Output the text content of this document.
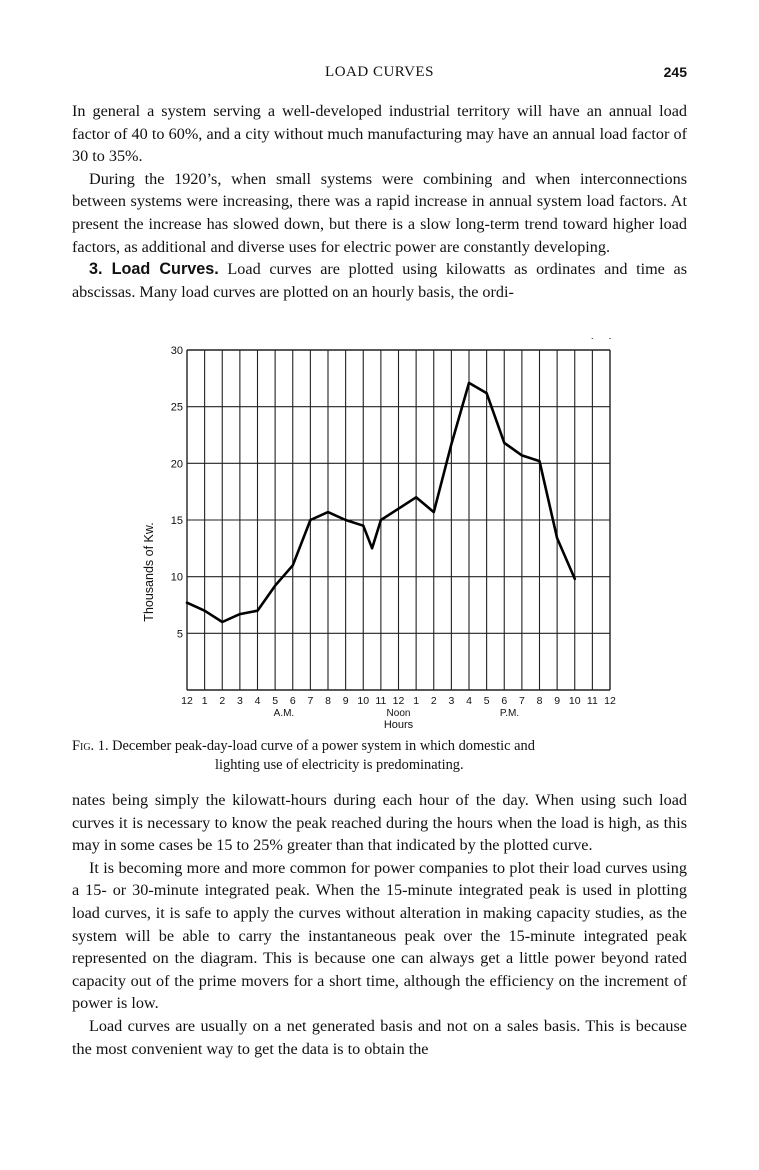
LOAD CURVES	245

In general a system serving a well-developed industrial territory will have an annual load factor of 40 to 60%, and a city without much manufacturing may have an annual load factor of 30 to 35%.

During the 1920’s, when small systems were combining and when interconnections between systems were increasing, there was a rapid increase in annual system load factors. At present the increase has slowed down, but there is a slow long-term trend toward higher load factors, as additional and diverse uses for electric power are constantly developing.

3. Load Curves. Load curves are plotted using kilowatts as ordinates and time as abscissas. Many load curves are plotted on an hourly basis, the ordi-

5
10
15
20
25
30
Thousands of Kw.
12 1 2 3 4 5 6 7 8 9 10 11 12 1 2 3 4 5 6 7 8 9 10 11 12
A.M.	Noon	P.M.
Hours
Fig. 1. December peak-day-load curve of a power system in which domestic and
lighting use of electricity is predominating.

nates being simply the kilowatt-hours during each hour of the day. When using such load curves it is necessary to know the peak reached during the hours when the load is high, as this may in some cases be 15 to 25% greater than that indicated by the plotted curve.

It is becoming more and more common for power companies to plot their load curves using a 15- or 30-minute integrated peak. When the 15-minute integrated peak is used in plotting load curves, it is safe to apply the curves without alteration in making capacity studies, as the system will be able to carry the instantaneous peak over the 15-minute integrated peak represented on the diagram. This is because one can always get a little power beyond rated capacity out of the prime movers for a short time, although the efficiency on the increment of power is low.

Load curves are usually on a net generated basis and not on a sales basis. This is because the most convenient way to get the data is to obtain the
